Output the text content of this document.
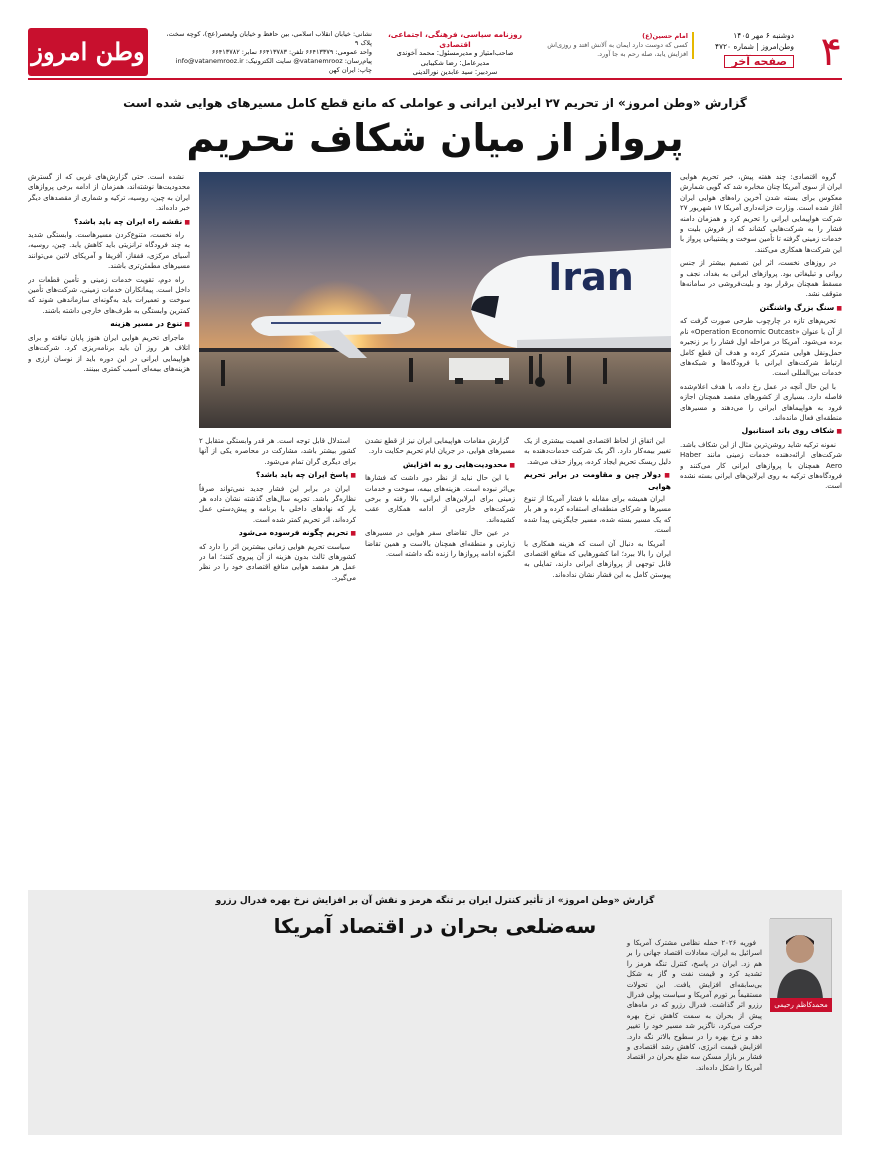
۴
دوشنبه ۶ مهر ۱۴۰۵
وطن‌امروز | شماره ۴۷۲۰
صفحه آخر
امام حسین(ع)
کسی که دوست دارد ایمان به آلانش افتد و روزی‌اش افزایش یابد، صله رحم به جا آورد.
روزنامه سیاسی، فرهنگی، اجتماعی، اقتصادی
صاحب‌امتیاز و مدیرمسئول: محمد آخوندی
مدیرعامل: رضا شکیبایی
سردبیر: سید عابدین نورالدینی
نشانی: خیابان انقلاب اسلامی، بین حافظ و خیابان ولیعصر(عج)، کوچه سخت، پلاک ۹
واحد عمومی: ۶۶۴۱۳۳۷۹ تلفن: ۶۶۴۱۳۷۸۳ نمابر: ۶۶۴۱۳۷۸۲
پیام‌رسان: vatanemrooz@ سایت الکترونیک: info@vatanemrooz.ir
چاپ: ایران کهن
وطن امروز
گزارش «وطن امروز» از تحریم ۲۷ ایرلاین ایرانی و عواملی که مانع قطع کامل مسیرهای هوایی شده است
پرواز از میان شکاف تحریم
Iran

گروه اقتصادی: چند هفته پیش، خبر تحریم هوایی ایران از سوی آمریکا چنان مخابره شد که گویی شمارش معکوس برای بسته شدن آخرین راه‌های هوایی ایران آغاز شده است. وزارت خزانه‌داری آمریکا ۱۷ شهریور ۲۷ شرکت هواپیمایی ایرانی را تحریم کرد و همزمان دامنه فشار را به شرکت‌هایی کشاند که از فروش بلیت و خدمات زمینی گرفته تا تأمین سوخت و پشتیبانی پرواز با این شرکت‌ها همکاری می‌کنند.

در روزهای نخست، اثر این تصمیم بیشتر از جنس روانی و تبلیغاتی بود. پروازهای ایرانی به بغداد، نجف و مسقط همچنان برقرار بود و بلیت‌فروشی در سامانه‌ها متوقف نشد.

■ سنگ بزرگ واشنگتن

تحریم‌های تازه در چارچوب طرحی صورت گرفت که از آن با عنوان «Operation Economic Outcast» نام برده می‌شود. آمریکا در مراحله اول فشار را بر زنجیره حمل‌ونقل هوایی متمرکز کرده و هدف آن قطع کامل ارتباط شرکت‌های ایرانی با فرودگاه‌ها و شبکه‌های خدمات بین‌المللی است.

با این حال آنچه در عمل رخ داده، با هدف اعلام‌شده فاصله دارد. بسیاری از کشورهای مقصد همچنان اجازه فرود به هواپیماهای ایرانی را می‌دهند و مسیرهای منطقه‌ای فعال مانده‌اند.

■ شکاف روی باند استانبول

نمونه ترکیه شاید روشن‌ترین مثال از این شکاف باشد. شرکت‌های ارائه‌دهنده خدمات زمینی مانند Haber Aero همچنان با پروازهای ایرانی کار می‌کنند و فرودگاه‌های ترکیه به روی ایرلاین‌های ایرانی بسته نشده است.

این اتفاق از لحاظ اقتصادی اهمیت بیشتری از یک تغییر بیمه‌کار دارد. اگر یک شرکت خدمات‌دهنده به دلیل ریسک تحریم ایجاد کرده، پرواز حذف می‌شد.

■ دولار چین و مقاومت در برابر تحریم هوایی

ایران همیشه برای مقابله با فشار آمریکا از تنوع مسیرها و شرکای منطقه‌ای استفاده کرده و هر بار که یک مسیر بسته شده، مسیر جایگزینی پیدا شده است.

آمریکا به دنبال آن است که هزینه همکاری با ایران را بالا ببرد؛ اما کشورهایی که منافع اقتصادی قابل توجهی از پروازهای ایرانی دارند، تمایلی به پیوستن کامل به این فشار نشان نداده‌اند.

گزارش مقامات هواپیمایی ایران نیز از قطع نشدن مسیرهای هوایی، در جریان ایام تحریم حکایت دارد.

■ محدودیت‌هایی رو به افزایش

با این حال نباید از نظر دور داشت که فشارها بی‌اثر نبوده است. هزینه‌های بیمه، سوخت و خدمات زمینی برای ایرلاین‌های ایرانی بالا رفته و برخی شرکت‌های خارجی از ادامه همکاری عقب کشیده‌اند.

در عین حال تقاضای سفر هوایی در مسیرهای زیارتی و منطقه‌ای همچنان بالاست و همین تقاضا انگیزه ادامه پروازها را زنده نگه داشته است.

استدلال قابل توجه است. هر قدر وابستگی متقابل ۲ کشور بیشتر باشد، مشارکت در محاصره یکی از آنها برای دیگری گران تمام می‌شود.

■ پاسخ ایران چه باید باشد؟

ایران در برابر این فشار جدید نمی‌تواند صرفاً نظاره‌گر باشد. تجربه سال‌های گذشته نشان داده هر بار که نهادهای داخلی با برنامه و پیش‌دستی عمل کرده‌اند، اثر تحریم کمتر شده است.

■ تحریم چگونه فرسوده می‌شود

سیاست تحریم هوایی زمانی بیشترین اثر را دارد که کشورهای ثالث بدون هزینه از آن پیروی کنند؛ اما در عمل هر مقصد هوایی منافع اقتصادی خود را در نظر می‌گیرد.

نشده است. حتی گزارش‌های غربی که از گسترش محدودیت‌ها نوشته‌اند، همزمان از ادامه برخی پروازهای ایران به چین، روسیه، ترکیه و شماری از مقصدهای دیگر خبر داده‌اند.

■ نقشه راه ایران چه باید باشد؟

راه نخست، متنوع‌کردن مسیرهاست. وابستگی شدید به چند فرودگاه ترانزیتی باید کاهش یابد. چین، روسیه، آسیای مرکزی، قفقاز، آفریقا و آمریکای لاتین می‌توانند مسیرهای مطمئن‌تری باشند.

راه دوم، تقویت خدمات زمینی و تأمین قطعات در داخل است. پیمانکاران خدمات زمینی، شرکت‌های تأمین سوخت و تعمیرات باید به‌گونه‌ای سازماندهی شوند که کمترین وابستگی به طرف‌های خارجی داشته باشند.

■ تنوع در مسیر هزینه

ماجرای تحریم هوایی ایران هنوز پایان نیافته و برای اتلاف هر روز آن باید برنامه‌ریزی کرد. شرکت‌های هواپیمایی ایرانی در این دوره باید از نوسان ارزی و هزینه‌های بیمه‌ای آسیب کمتری ببینند.

گزارش «وطن امروز» از تأثیر کنترل ایران بر تنگه هرمز و نقش آن بر افزایش نرخ بهره فدرال رزرو
سه‌ضلعی بحران در اقتصاد آمریکا
محمدکاظم رحیمی

فوریه ۲۰۲۶ حمله نظامی مشترک آمریکا و اسرائیل به ایران، معادلات اقتصاد جهانی را بر هم زد. ایران در پاسخ، کنترل تنگه هرمز را تشدید کرد و قیمت نفت و گاز به شکل بی‌سابقه‌ای افزایش یافت. این تحولات مستقیماً بر تورم آمریکا و سیاست پولی فدرال رزرو اثر گذاشت. فدرال رزرو که در ماه‌های پیش از بحران به سمت کاهش نرخ بهره حرکت می‌کرد، ناگزیر شد مسیر خود را تغییر دهد و نرخ بهره را در سطوح بالاتر نگه دارد. افزایش قیمت انرژی، کاهش رشد اقتصادی و فشار بر بازار مسکن سه ضلع بحران در اقتصاد آمریکا را شکل داده‌اند.
